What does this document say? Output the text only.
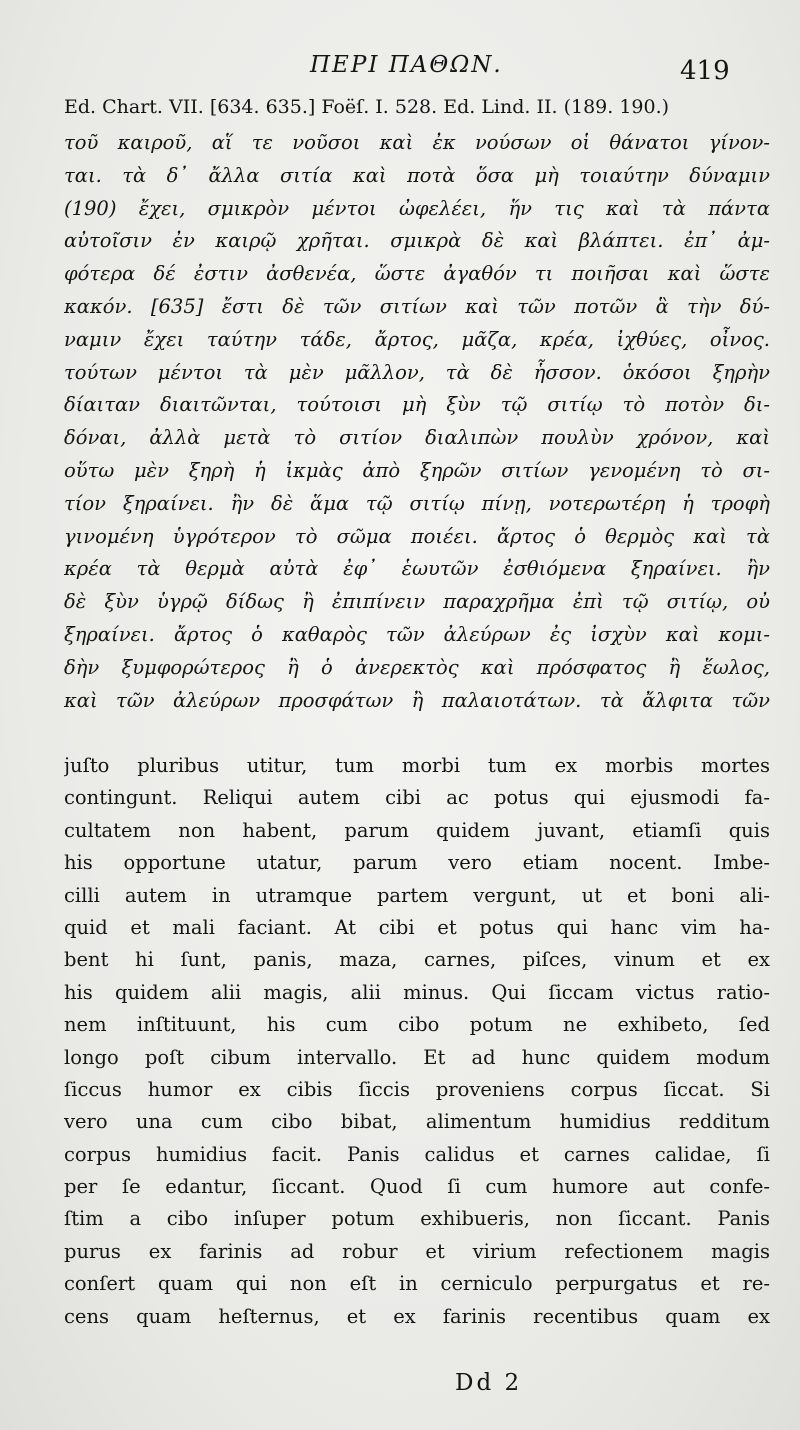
ΠΕΡΙ ΠΑΘΩΝ.	419
Ed. Chart. VII. [634. 635.] Foëſ. I. 528. Ed. Lind. II. (189. 190.)
τοῦ καιροῦ, αἵ τε νοῦσοι καὶ ἐκ νούσων οἱ θάνατοι γίνον-
ται. τὰ δ᾽ ἄλλα σιτία καὶ ποτὰ ὅσα μὴ τοιαύτην δύναμιν
(190) ἔχει, σμικρὸν μέντοι ὠφελέει, ἥν τις καὶ τὰ πάντα
αὐτοῖσιν ἐν καιρῷ χρῆται. σμικρὰ δὲ καὶ βλάπτει. ἐπ᾽ ἀμ-
φότερα δέ ἐστιν ἀσθενέα, ὥστε ἀγαθόν τι ποιῆσαι καὶ ὥστε
κακόν. [635] ἔστι δὲ τῶν σιτίων καὶ τῶν ποτῶν ἃ τὴν δύ-
ναμιν ἔχει ταύτην τάδε, ἄρτος, μᾶζα, κρέα, ἰχθύες, οἶνος.
τούτων μέντοι τὰ μὲν μᾶλλον, τὰ δὲ ἧσσον. ὁκόσοι ξηρὴν
δίαιταν διαιτῶνται, τούτοισι μὴ ξὺν τῷ σιτίῳ τὸ ποτὸν δι-
δόναι, ἀλλὰ μετὰ τὸ σιτίον διαλιπὼν πουλὺν χρόνον, καὶ
οὕτω μὲν ξηρὴ ἡ ἰκμὰς ἀπὸ ξηρῶν σιτίων γενομένη τὸ σι-
τίον ξηραίνει. ἢν δὲ ἅμα τῷ σιτίῳ πίνῃ, νοτερωτέρη ἡ τροφὴ
γινομένη ὑγρότερον τὸ σῶμα ποιέει. ἄρτος ὁ θερμὸς καὶ τὰ
κρέα τὰ θερμὰ αὐτὰ ἐφ᾽ ἑωυτῶν ἐσθιόμενα ξηραίνει. ἢν
δὲ ξὺν ὑγρῷ δίδως ἢ ἐπιπίνειν παραχρῆμα ἐπὶ τῷ σιτίῳ, οὐ
ξηραίνει. ἄρτος ὁ καθαρὸς τῶν ἀλεύρων ἐς ἰσχὺν καὶ κομι-
δὴν ξυμφορώτερος ἢ ὁ ἀνερεκτὸς καὶ πρόσφατος ἢ ἕωλος,
καὶ τῶν ἀλεύρων προσφάτων ἢ παλαιοτάτων. τὰ ἄλφιτα τῶν
juſto pluribus utitur, tum morbi tum ex morbis mortes
contingunt. Reliqui autem cibi ac potus qui ejusmodi fa-
cultatem non habent, parum quidem juvant, etiamſi quis
his opportune utatur, parum vero etiam nocent. Imbe-
cilli autem in utramque partem vergunt, ut et boni ali-
quid et mali faciant. At cibi et potus qui hanc vim ha-
bent hi ſunt, panis, maza, carnes, piſces, vinum et ex
his quidem alii magis, alii minus. Qui ſiccam victus ratio-
nem inſtituunt, his cum cibo potum ne exhibeto, ſed
longo poſt cibum intervallo. Et ad hunc quidem modum
ſiccus humor ex cibis ſiccis proveniens corpus ſiccat. Si
vero una cum cibo bibat, alimentum humidius redditum
corpus humidius facit. Panis calidus et carnes calidae, ſi
per ſe edantur, ſiccant. Quod ſi cum humore aut confe-
ſtim a cibo inſuper potum exhibueris, non ſiccant. Panis
purus ex farinis ad robur et virium refectionem magis
conſert quam qui non eſt in cerniculo perpurgatus et re-
cens quam heſternus, et ex farinis recentibus quam ex
Dd 2
